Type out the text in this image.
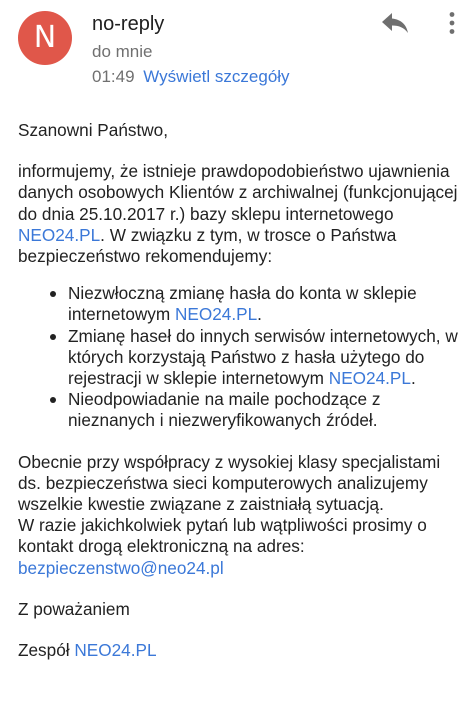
N	no-reply
do mnie
01:49 Wyświetl szczegóły

Szanowni Państwo,

informujemy, że istnieje prawdopodobieństwo ujawnienia danych osobowych Klientów z archiwalnej (funkcjonującej do dnia 25.10.2017 r.) bazy sklepu internetowego NEO24.PL. W związku z tym, w trosce o Państwa bezpieczeństwo rekomendujemy:

Niezwłoczną zmianę hasła do konta w sklepie internetowym NEO24.PL.
Zmianę haseł do innych serwisów internetowych, w których korzystają Państwo z hasła użytego do rejestracji w sklepie internetowym NEO24.PL.
Nieodpowiadanie na maile pochodzące z nieznanych i niezweryfikowanych źródeł.

Obecnie przy współpracy z wysokiej klasy specjalistami ds. bezpieczeństwa sieci komputerowych analizujemy wszelkie kwestie związane z zaistniałą sytuacją.
W razie jakichkolwiek pytań lub wątpliwości prosimy o kontakt drogą elektroniczną na adres:
bezpieczenstwo@neo24.pl

Z poważaniem

Zespół NEO24.PL
